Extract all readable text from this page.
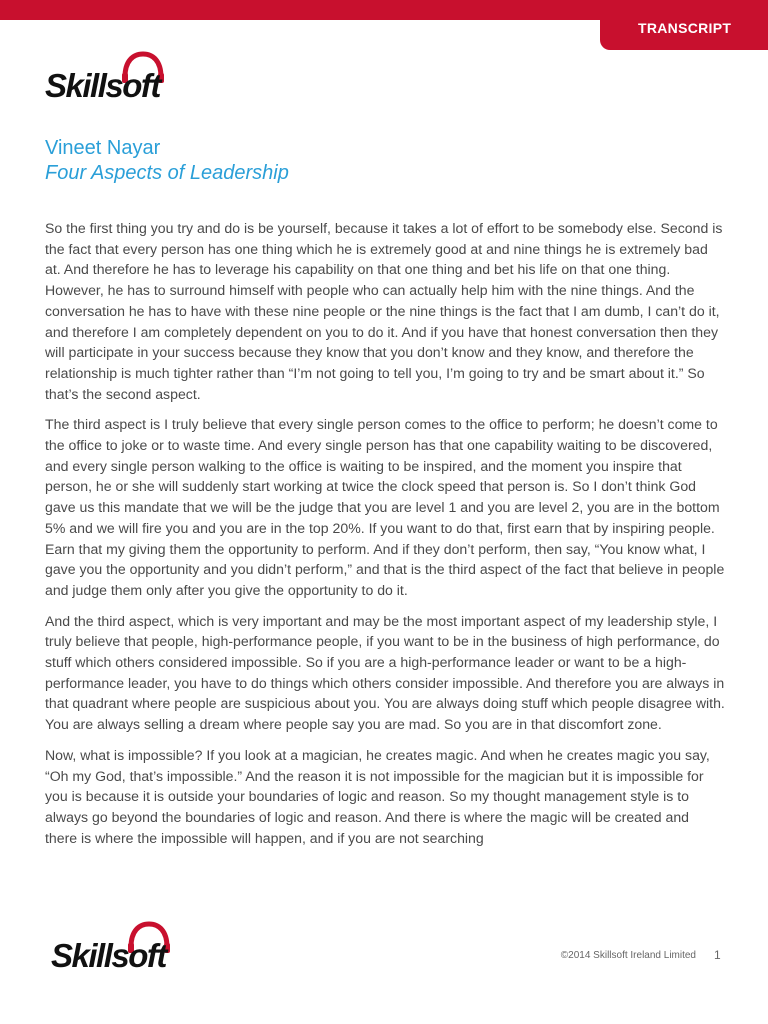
TRANSCRIPT
Skillsoft

Vineet Nayar

Four Aspects of Leadership

So the first thing you try and do is be yourself, because it takes a lot of effort to be somebody else. Second is the fact that every person has one thing which he is extremely good at and nine things he is extremely bad at. And therefore he has to leverage his capability on that one thing and bet his life on that one thing. However, he has to surround himself with people who can actually help him with the nine things. And the conversation he has to have with these nine people or the nine things is the fact that I am dumb, I can’t do it, and therefore I am completely dependent on you to do it. And if you have that honest conversation then they will participate in your success because they know that you don’t know and they know, and therefore the relationship is much tighter rather than “I’m not going to tell you, I’m going to try and be smart about it.” So that’s the second aspect.

The third aspect is I truly believe that every single person comes to the office to perform; he doesn’t come to the office to joke or to waste time. And every single person has that one capability waiting to be discovered, and every single person walking to the office is waiting to be inspired, and the moment you inspire that person, he or she will suddenly start working at twice the clock speed that person is. So I don’t think God gave us this mandate that we will be the judge that you are level 1 and you are level 2, you are in the bottom 5% and we will fire you and you are in the top 20%. If you want to do that, first earn that by inspiring people. Earn that my giving them the opportunity to perform. And if they don’t perform, then say, “You know what, I gave you the opportunity and you didn’t perform,” and that is the third aspect of the fact that believe in people and judge them only after you give the opportunity to do it.

And the third aspect, which is very important and may be the most important aspect of my leadership style, I truly believe that people, high-performance people, if you want to be in the business of high performance, do stuff which others considered impossible. So if you are a high-performance leader or want to be a high-performance leader, you have to do things which others consider impossible. And therefore you are always in that quadrant where people are suspicious about you. You are always doing stuff which people disagree with. You are always selling a dream where people say you are mad. So you are in that discomfort zone.

Now, what is impossible? If you look at a magician, he creates magic. And when he creates magic you say, “Oh my God, that’s impossible.” And the reason it is not impossible for the magician but it is impossible for you is because it is outside your boundaries of logic and reason. So my thought management style is to always go beyond the boundaries of logic and reason. And there is where the magic will be created and there is where the impossible will happen, and if you are not searching

Skillsoft	©2014 Skillsoft Ireland Limited 1
